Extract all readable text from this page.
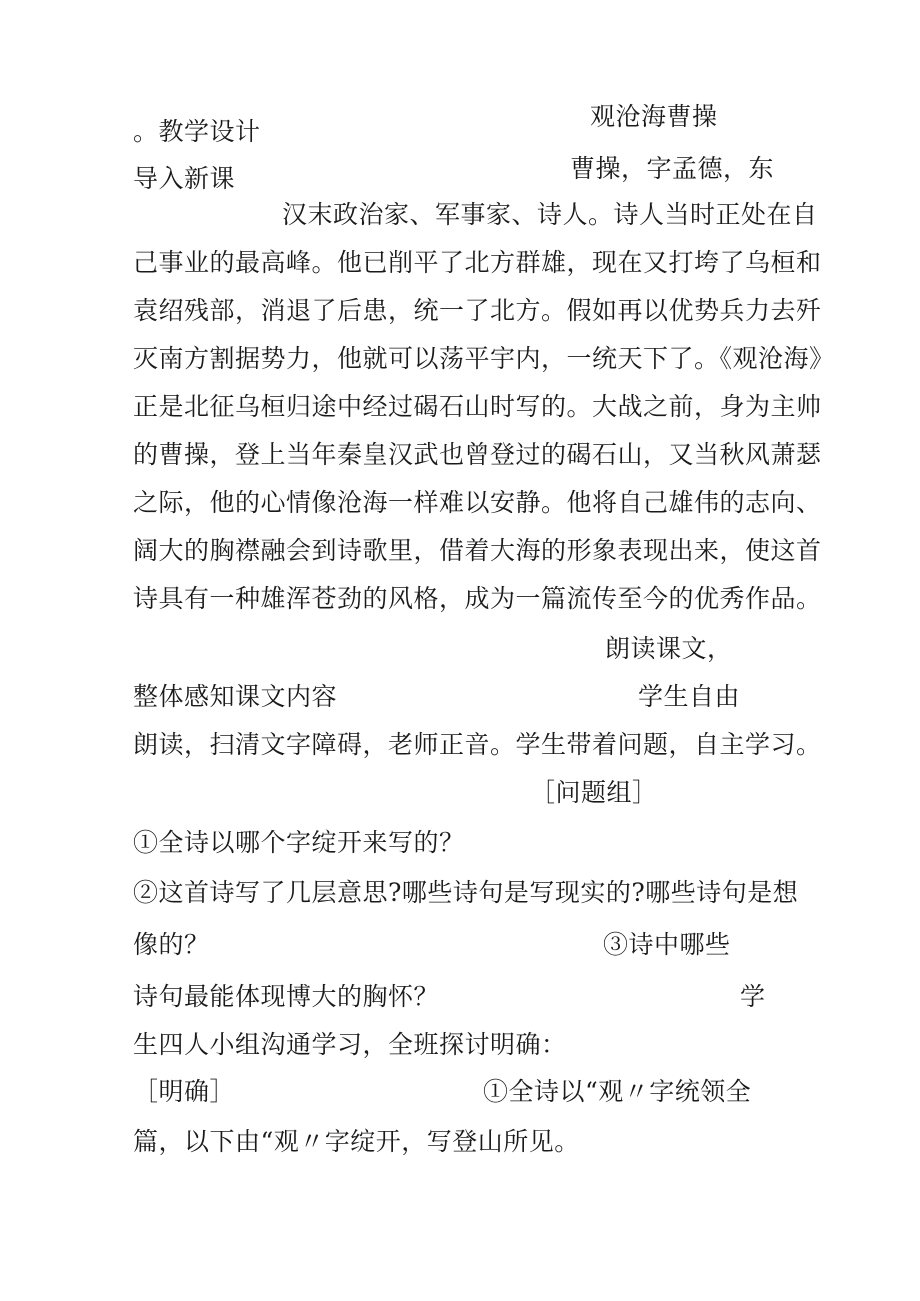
。教学设计
观沧海曹操
导入新课	曹操，字孟德，东
汉末政治家、军事家、诗人。诗人当时正处在自
己事业的最高峰。他已削平了北方群雄，现在又打垮了乌桓和
袁绍残部，消退了后患，统一了北方。假如再以优势兵力去歼
灭南方割据势力，他就可以荡平宇内，一统天下了。《观沧海》
正是北征乌桓归途中经过碣石山时写的。大战之前，身为主帅
的曹操，登上当年秦皇汉武也曾登过的碣石山，又当秋风萧瑟
之际，他的心情像沧海一样难以安静。他将自己雄伟的志向、
阔大的胸襟融会到诗歌里，借着大海的形象表现出来，使这首
诗具有一种雄浑苍劲的风格，成为一篇流传至今的优秀作品。
朗读课文，
整体感知课文内容	学生自由
朗读，扫清文字障碍，老师正音。学生带着问题，自主学习。
［问题组］
①全诗以哪个字绽开来写的？
②这首诗写了几层意思?哪些诗句是写现实的?哪些诗句是想
像的？	③诗中哪些
诗句最能体现博大的胸怀？	学
生四人小组沟通学习，全班探讨明确：
［明确］	①全诗以“观〃字统领全
篇，以下由“观〃字绽开，写登山所见。
